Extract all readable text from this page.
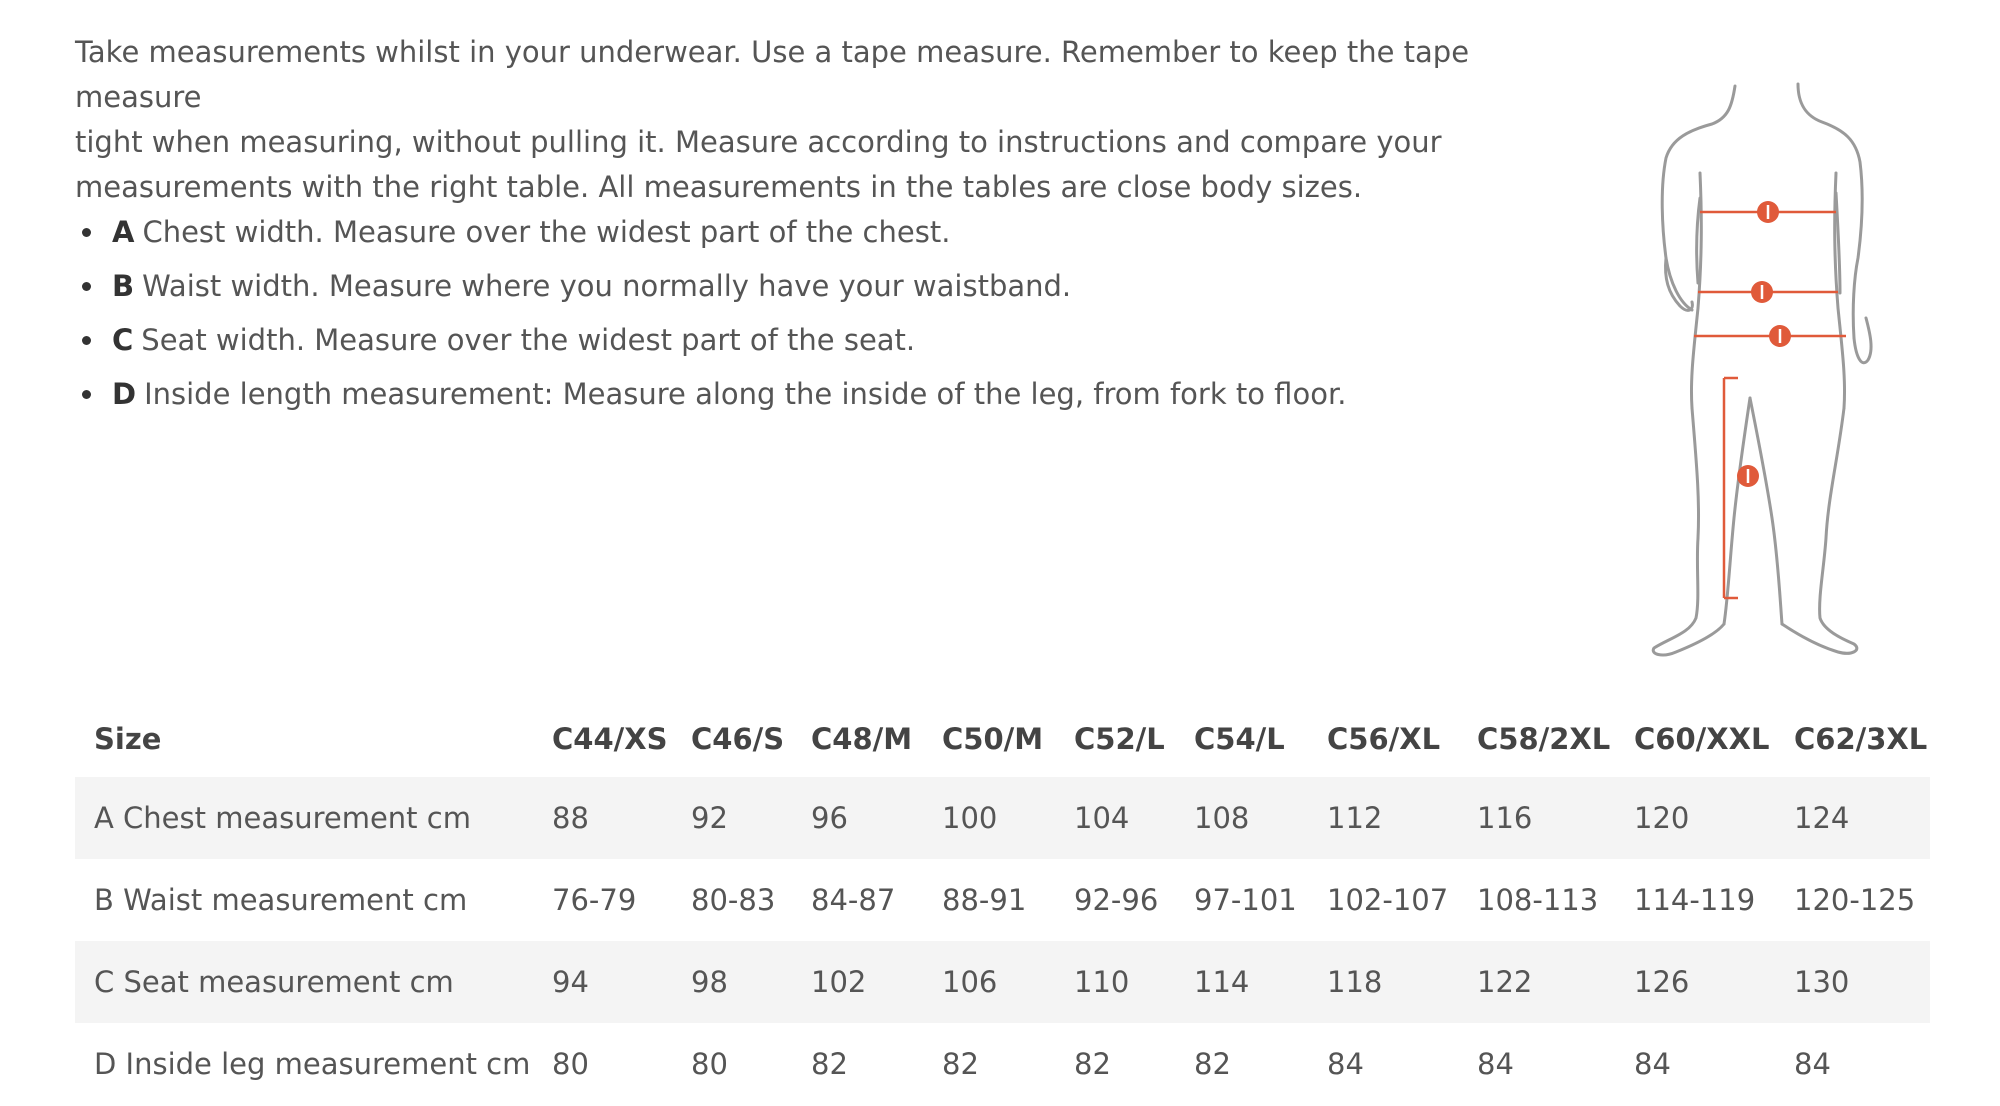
Take measurements whilst in your underwear. Use a tape measure. Remember to keep the tape measure

tight when measuring, without pulling it. Measure according to instructions and compare your

measurements with the right table. All measurements in the tables are close body sizes.

A Chest width. Measure over the widest part of the chest.
B Waist width. Measure where you normally have your waistband.
C Seat width. Measure over the widest part of the seat.
D Inside length measurement: Measure along the inside of the leg, from fork to floor.
Size	C44/XS	C46/S	C48/M	C50/M	C52/L	C54/L	C56/XL	C58/2XL	C60/XXL	C62/3XL
A Chest measurement cm	88	92	96	100	104	108	112	116	120	124
B Waist measurement cm	76-79	80-83	84-87	88-91	92-96	97-101	102-107	108-113	114-119	120-125
C Seat measurement cm	94	98	102	106	110	114	118	122	126	130
D Inside leg measurement cm	80	80	82	82	82	82	84	84	84	84
